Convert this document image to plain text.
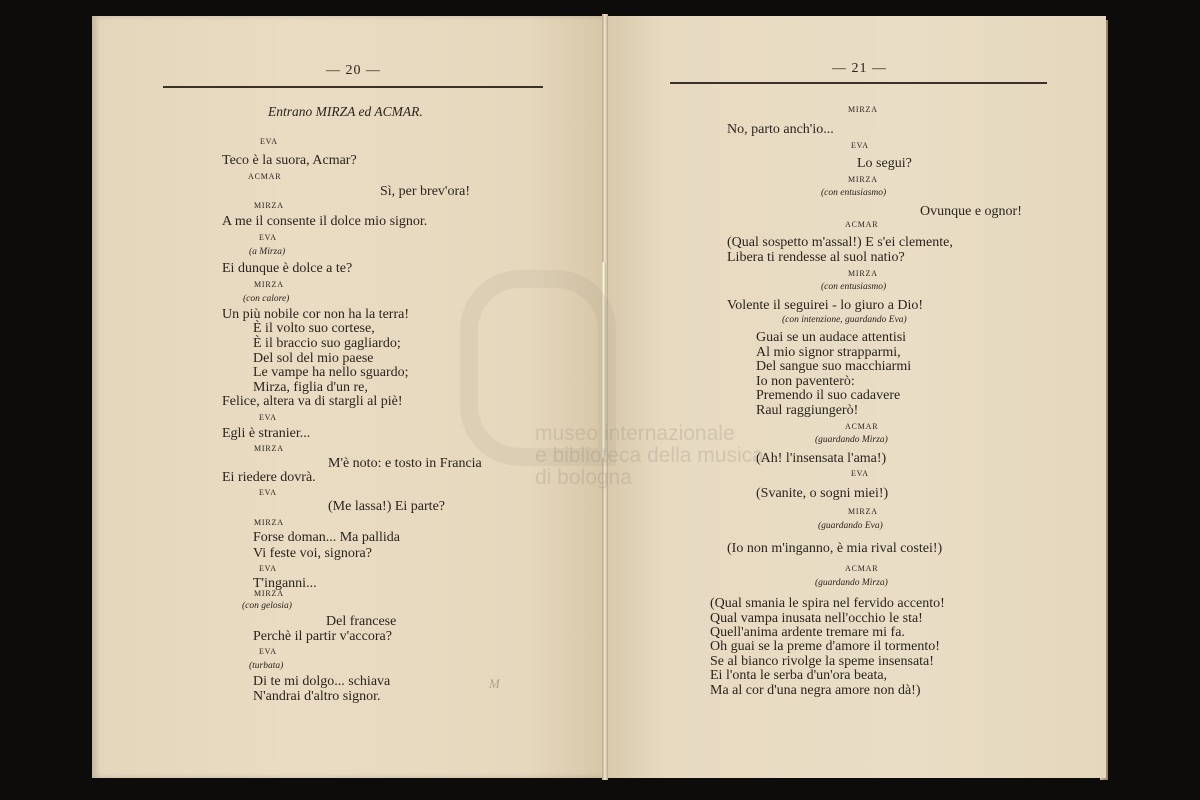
museo internazionale
e biblioteca della musica
di bologna
— 20 —
Entrano MIRZA ed ACMAR.
— 21 —
EVA
Teco è la suora, Acmar?
ACMAR
Sì, per brev'ora!
MIRZA
A me il consente il dolce mio signor.
EVA
(a Mirza)
Ei dunque è dolce a te?
MIRZA
(con calore)
Un più nobile cor non ha la terra!
È il volto suo cortese,
È il braccio suo gagliardo;
Del sol del mio paese
Le vampe ha nello sguardo;
Mirza, figlia d'un re,
Felice, altera va di stargli al piè!
EVA
Egli è stranier...
MIRZA
M'è noto: e tosto in Francia
Ei riedere dovrà.
EVA
(Me lassa!) Ei parte?
MIRZA
Forse doman... Ma pallida
Vi feste voi, signora?
EVA
T'inganni...
MIRZA
(con gelosia)
Del francese
Perchè il partir v'accora?
EVA
(turbata)
Di te mi dolgo... schiava
N'andrai d'altro signor.
MIRZA
No, parto anch'io...
EVA
Lo segui?
MIRZA
(con entusiasmo)
Ovunque e ognor!
ACMAR
(Qual sospetto m'assal!) E s'ei clemente,
Libera ti rendesse al suol natio?
MIRZA
(con entusiasmo)
Volente il seguirei - lo giuro a Dio!
(con intenzione, guardando Eva)
Guai se un audace attentisi
Al mio signor strapparmi,
Del sangue suo macchiarmi
Io non paventerò:
Premendo il suo cadavere
Raul raggiungerò!
ACMAR
(guardando Mirza)
(Ah! l'insensata l'ama!)
EVA
(Svanite, o sogni miei!)
MIRZA
(guardando Eva)
(Io non m'inganno, è mia rival costei!)
ACMAR
(guardando Mirza)
(Qual smania le spira nel fervido accento!
Qual vampa inusata nell'occhio le sta!
Quell'anima ardente tremare mi fa.
Oh guai se la preme d'amore il tormento!
Se al bianco rivolge la speme insensata!
Ei l'onta le serba d'un'ora beata,
Ma al cor d'una negra amore non dà!)
M
